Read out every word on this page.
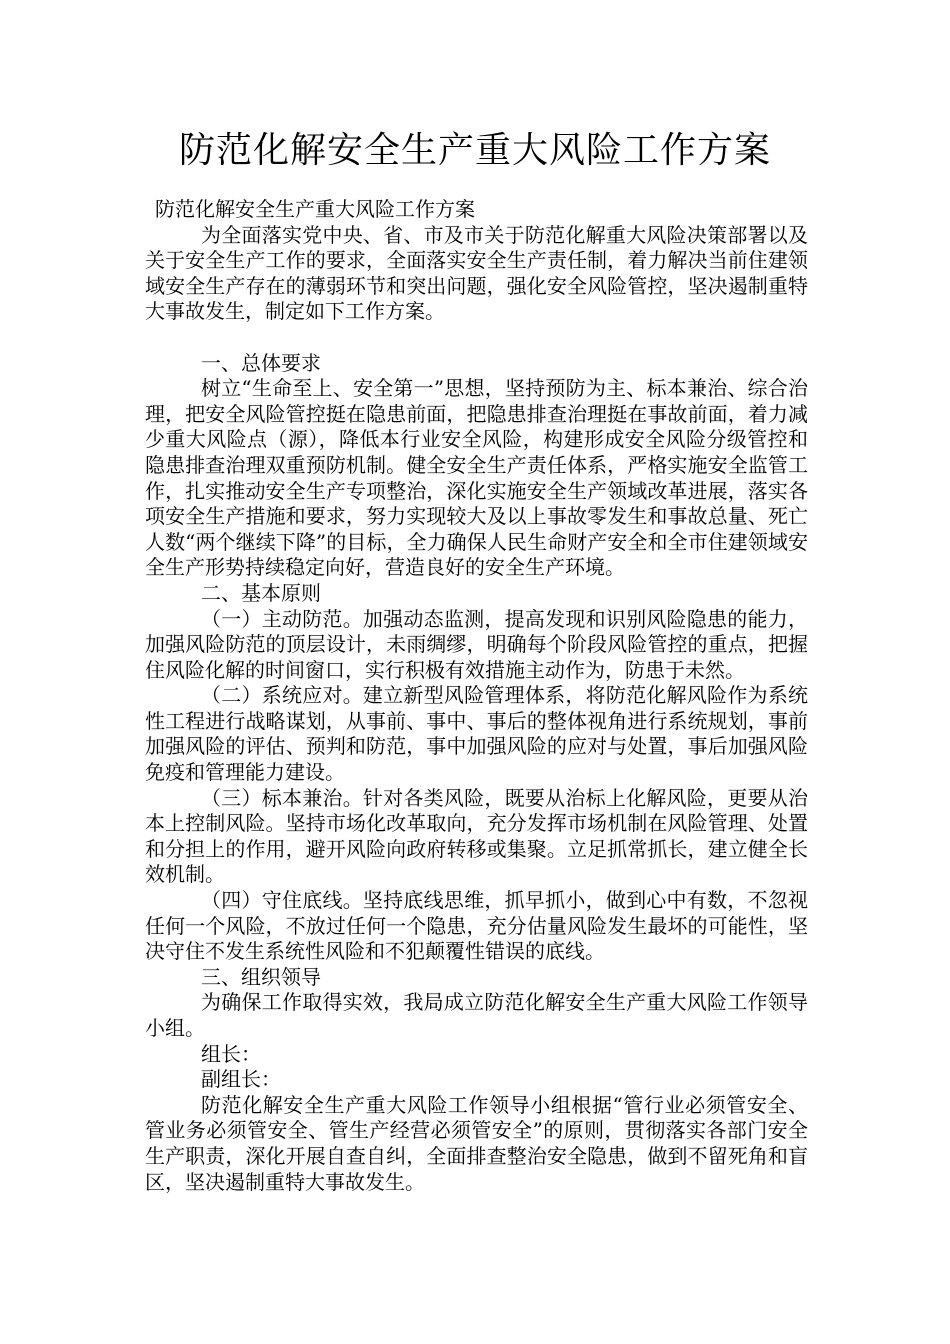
防范化解安全生产重大风险工作方案

防范化解安全生产重大风险工作方案

为全面落实党中央、省、市及市关于防范化解重大风险决策部署以及关于安全生产工作的要求，全面落实安全生产责任制，着力解决当前住建领域安全生产存在的薄弱环节和突出问题，强化安全风险管控，坚决遏制重特大事故发生，制定如下工作方案。

一、总体要求

树立“生命至上、安全第一”思想，坚持预防为主、标本兼治、综合治理，把安全风险管控挺在隐患前面，把隐患排查治理挺在事故前面，着力减少重大风险点（源），降低本行业安全风险，构建形成安全风险分级管控和隐患排查治理双重预防机制。健全安全生产责任体系，严格实施安全监管工作，扎实推动安全生产专项整治，深化实施安全生产领域改革进展，落实各项安全生产措施和要求，努力实现较大及以上事故零发生和事故总量、死亡人数“两个继续下降”的目标，全力确保人民生命财产安全和全市住建领域安全生产形势持续稳定向好，营造良好的安全生产环境。

二、基本原则

（一）主动防范。加强动态监测，提高发现和识别风险隐患的能力，加强风险防范的顶层设计，未雨绸缪，明确每个阶段风险管控的重点，把握住风险化解的时间窗口，实行积极有效措施主动作为，防患于未然。

（二）系统应对。建立新型风险管理体系，将防范化解风险作为系统性工程进行战略谋划，从事前、事中、事后的整体视角进行系统规划，事前加强风险的评估、预判和防范，事中加强风险的应对与处置，事后加强风险免疫和管理能力建设。

（三）标本兼治。针对各类风险，既要从治标上化解风险，更要从治本上控制风险。坚持市场化改革取向，充分发挥市场机制在风险管理、处置和分担上的作用，避开风险向政府转移或集聚。立足抓常抓长，建立健全长效机制。

（四）守住底线。坚持底线思维，抓早抓小，做到心中有数，不忽视任何一个风险，不放过任何一个隐患，充分估量风险发生最坏的可能性，坚决守住不发生系统性风险和不犯颠覆性错误的底线。

三、组织领导

为确保工作取得实效，我局成立防范化解安全生产重大风险工作领导小组。

组长：

副组长：

防范化解安全生产重大风险工作领导小组根据“管行业必须管安全、管业务必须管安全、管生产经营必须管安全”的原则，贯彻落实各部门安全生产职责，深化开展自查自纠，全面排查整治安全隐患，做到不留死角和盲区，坚决遏制重特大事故发生。
